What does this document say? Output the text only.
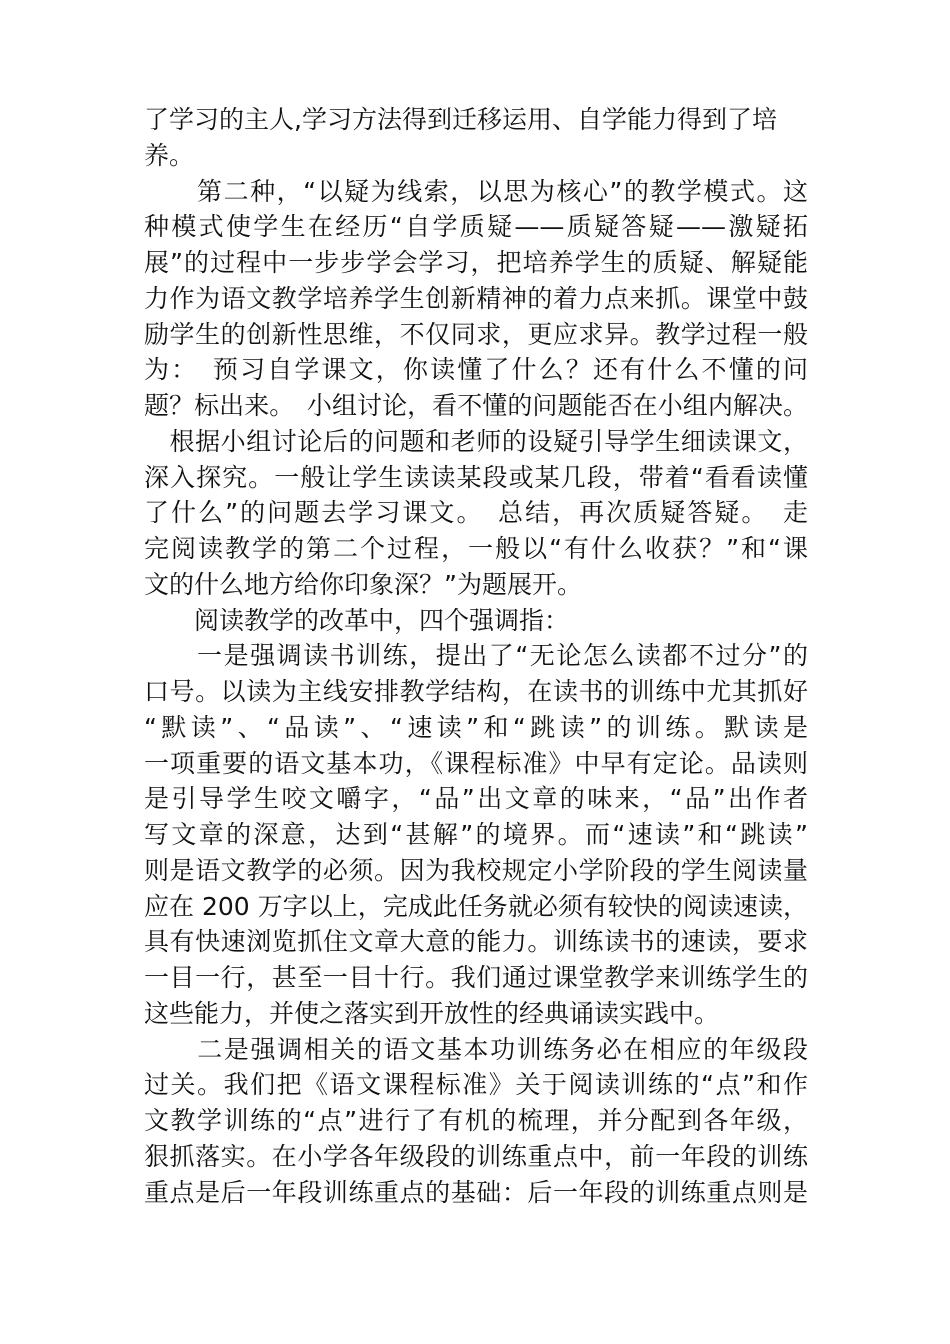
了学习的主人,学习方法得到迁移运用、自学能力得到了培
养。
　　第二种，“以疑为线索，以思为核心”的教学模式。这
种模式使学生在经历“自学质疑——质疑答疑——激疑拓
展”的过程中一步步学会学习，把培养学生的质疑、解疑能
力作为语文教学培养学生创新精神的着力点来抓。课堂中鼓
励学生的创新性思维，不仅同求，更应求异。教学过程一般
为：　预习自学课文，你读懂了什么？还有什么不懂的问
题？标出来。　小组讨论，看不懂的问题能否在小组内解决。
　根据小组讨论后的问题和老师的设疑引导学生细读课文，
深入探究。一般让学生读读某段或某几段，带着“看看读懂
了什么”的问题去学习课文。　总结，再次质疑答疑。　走
完阅读教学的第二个过程，一般以“有什么收获？”和“课
文的什么地方给你印象深？”为题展开。
　　阅读教学的改革中，四个强调指：
　　一是强调读书训练，提出了“无论怎么读都不过分”的
口号。以读为主线安排教学结构，在读书的训练中尤其抓好
“默读”、“品读”、“速读”和“跳读”的训练。默读是
一项重要的语文基本功，《课程标准》中早有定论。品读则
是引导学生咬文嚼字，“品”出文章的味来，“品”出作者
写文章的深意，达到“甚解”的境界。而“速读”和“跳读”
则是语文教学的必须。因为我校规定小学阶段的学生阅读量
应在 200 万字以上，完成此任务就必须有较快的阅读速读，
具有快速浏览抓住文章大意的能力。训练读书的速读，要求
一目一行，甚至一目十行。我们通过课堂教学来训练学生的
这些能力，并使之落实到开放性的经典诵读实践中。
　　二是强调相关的语文基本功训练务必在相应的年级段
过关。我们把《语文课程标准》关于阅读训练的“点”和作
文教学训练的“点”进行了有机的梳理，并分配到各年级，
狠抓落实。在小学各年级段的训练重点中，前一年段的训练
重点是后一年段训练重点的基础：后一年段的训练重点则是
